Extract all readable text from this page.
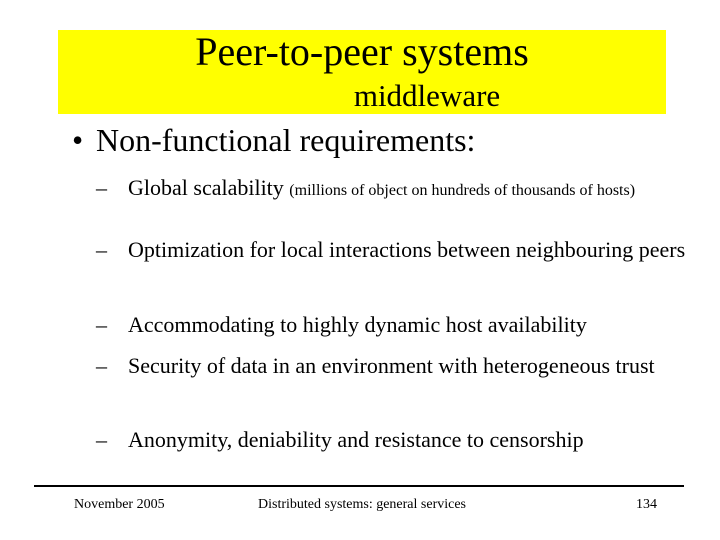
Peer-to-peer systems
middleware
• Non-functional requirements:
– Global scalability (millions of object on hundreds of thousands of hosts)
– Optimization for local interactions between neighbouring peers
– Accommodating to highly dynamic host availability
– Security of data in an environment with heterogeneous trust
– Anonymity, deniability and resistance to censorship
November 2005	Distributed systems: general services	134
